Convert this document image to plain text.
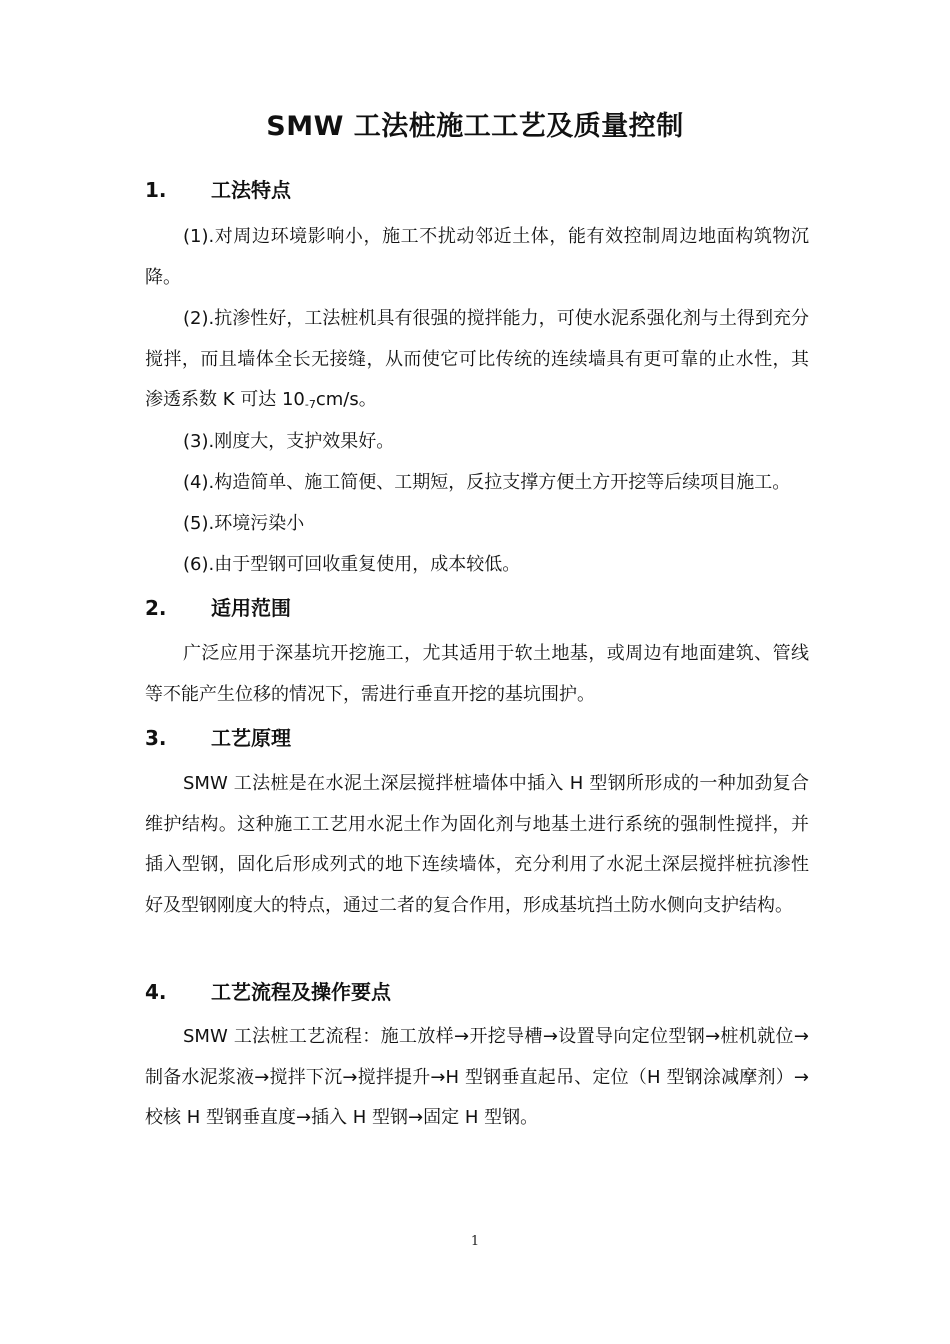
SMW 工法桩施工工艺及质量控制
1. 工法特点

(1).对周边环境影响小，施工不扰动邻近土体，能有效控制周边地面构筑物沉降。

(2).抗渗性好，工法桩机具有很强的搅拌能力，可使水泥系强化剂与土得到充分搅拌，而且墙体全长无接缝，从而使它可比传统的连续墙具有更可靠的止水性，其渗透系数 K 可达 $10_{-7}cm/s$。

(3).刚度大，支护效果好。
(4).构造简单、施工简便、工期短，反拉支撑方便土方开挖等后续项目施工。
(5).环境污染小
(6).由于型钢可回收重复使用，成本较低。
2. 适用范围

广泛应用于深基坑开挖施工，尤其适用于软土地基，或周边有地面建筑、管线等不能产生位移的情况下，需进行垂直开挖的基坑围护。

3. 工艺原理

SMW 工法桩是在水泥土深层搅拌桩墙体中插入 H 型钢所形成的一种加劲复合维护结构。这种施工工艺用水泥土作为固化剂与地基土进行系统的强制性搅拌，并插入型钢，固化后形成列式的地下连续墙体，充分利用了水泥土深层搅拌桩抗渗性好及型钢刚度大的特点，通过二者的复合作用，形成基坑挡土防水侧向支护结构。

4. 工艺流程及操作要点

SMW 工法桩工艺流程：施工放样→开挖导槽→设置导向定位型钢→桩机就位→制备水泥浆液→搅拌下沉→搅拌提升→H 型钢垂直起吊、定位（H 型钢涂减摩剂）→校核 H 型钢垂直度→插入 H 型钢→固定 H 型钢。

1
